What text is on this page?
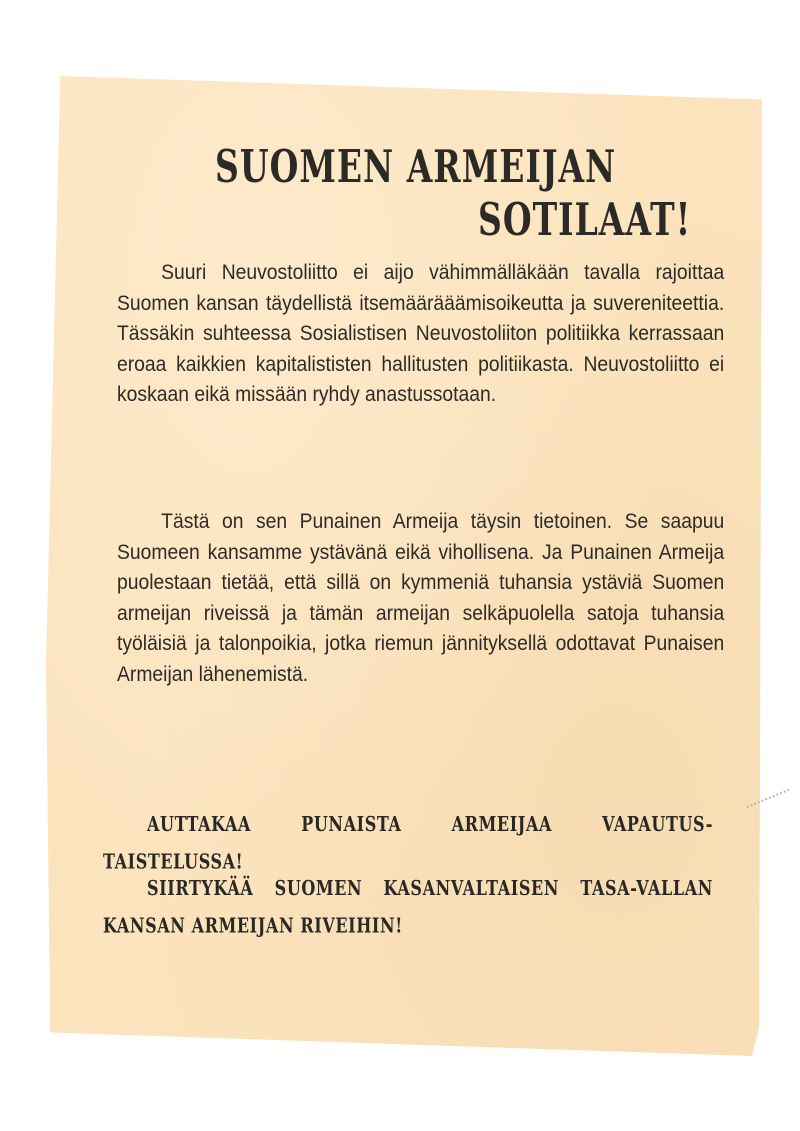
SUOMEN ARMEIJAN
SOTILAAT!

Suuri Neuvostoliitto ei aijo vähimmälläkään tavalla rajoittaa Suomen kansan täydellistä itsemäärääämisoikeutta ja suvereniteettia. Tässäkin suhteessa Sosialistisen Neuvostoliiton politiikka kerrassaan eroaa kaikkien kapitalististen hallitusten politiikasta. Neuvostoliitto ei koskaan eikä missään ryhdy anastussotaan.

Tästä on sen Punainen Armeija täysin tietoinen. Se saapuu Suomeen kansamme ystävänä eikä vihollisena. Ja Punainen Armeija puolestaan tietää, että sillä on kymmeniä tuhansia ystäviä Suomen armeijan riveissä ja tämän armeijan selkäpuolella satoja tuhansia työläisiä ja talonpoikia, jotka riemun jännityksellä odottavat Punaisen Armeijan lähenemistä.

AUTTAKAA PUNAISTA ARMEIJAA VAPAUTUS-TAISTELUSSA!

SIIRTYKÄÄ SUOMEN KASANVALTAISEN TASA-VALLAN KANSAN ARMEIJAN RIVEIHIN!
